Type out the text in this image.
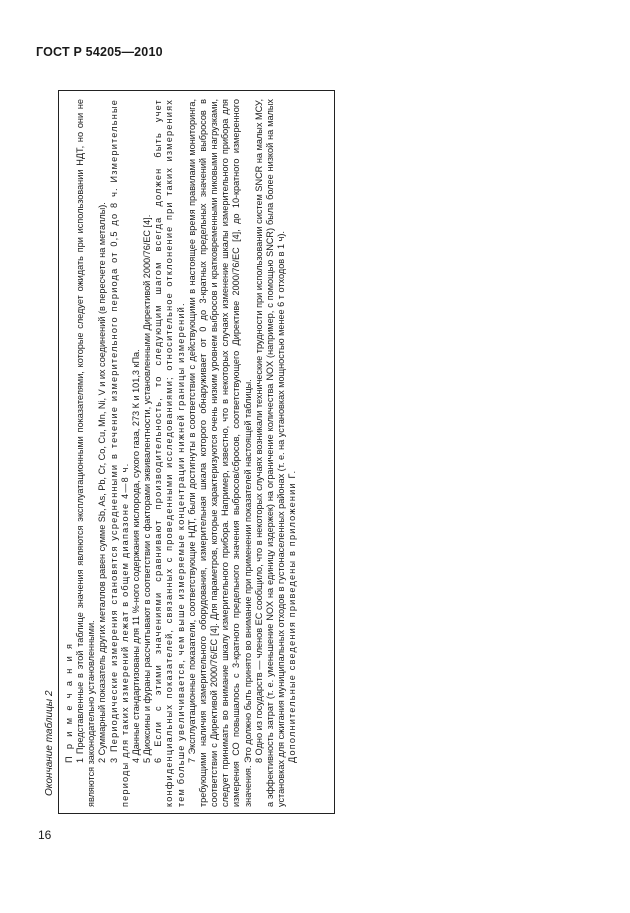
ГОСТ Р 54205—2010
Окончание таблицы 2
16

П р и м е ч а н и я 1 Представленные в этой таблице значения являются эксплуатационными показателями, которые следует ожидать при использовании НДТ, но они не являются законодательно установленными. 2 Суммарный показатель других металлов равен сумме Sb, As, Pb, Cr, Co, Cu, Mn, Ni, V и их соединений (в пересчете на металлы). 3 Периодические измерения становятся усредненными в течение измерительного периода от 0,5 до 8 ч. Измерительные периоды для таких измерений лежат в общем диапазоне 4—8 ч. 4 Данные стандартизованы для 11 %-ного содержания кислорода, сухого газа, 273 К и 101,3 кПа. 5 Диоксины и фураны рассчитывают в соответствии с факторами эквивалентности, установленными Директивой 2000/76/ЕС [4]. 6 Если с этими значениями сравнивают производительность, то следующим шагом всегда должен быть учет конфиденциальных показателей, связанных с проведенными исследованиями; относительное отклонение при таких измерениях тем больше увеличивается, чем выше измеряемые концентрации нижней границы измерений. 7 Эксплуатационные показатели, соответствующие НДТ, были достигнуты в соответствии с действующими в настоящее время правилами мониторинга, требующими наличия измерительного оборудования, измерительная шкала которого обнаруживает от 0 до 3-кратных предельных значений выбросов в соответствии с Директивой 2000/76/ЕС [4]. Для параметров, которые характеризуются очень низким уровнем выбросов и кратковременными пиковыми нагрузками, следует принимать во внимание шкалу измерительного прибора. Например, известно, что в некоторых случаях изменение шкалы измерительного прибора для измерения СО повышалось с 3-кратного предельного значения выбросов/сбросов, соответствующего Директиве 2000/76/ЕС [4], до 10-кратного измеренного значения. Это должно быть принято во внимание при применении показателей настоящей таблицы. 8 Одно из государств — членов ЕС сообщило, что в некоторых случаях возникали технические трудности при использовании систем SNCR на малых МСУ, а эффективность затрат (т. е. уменьшение NOX на единицу издержек) на ограничение количества NOX (например, с помощью SNCR) была более низкой на малых установках для сжигания муниципальных отходов в густонаселенных районах (т. е. на установках мощностью менее 6 т отходов в 1 ч). Дополнительные сведения приведены в приложении Г.
